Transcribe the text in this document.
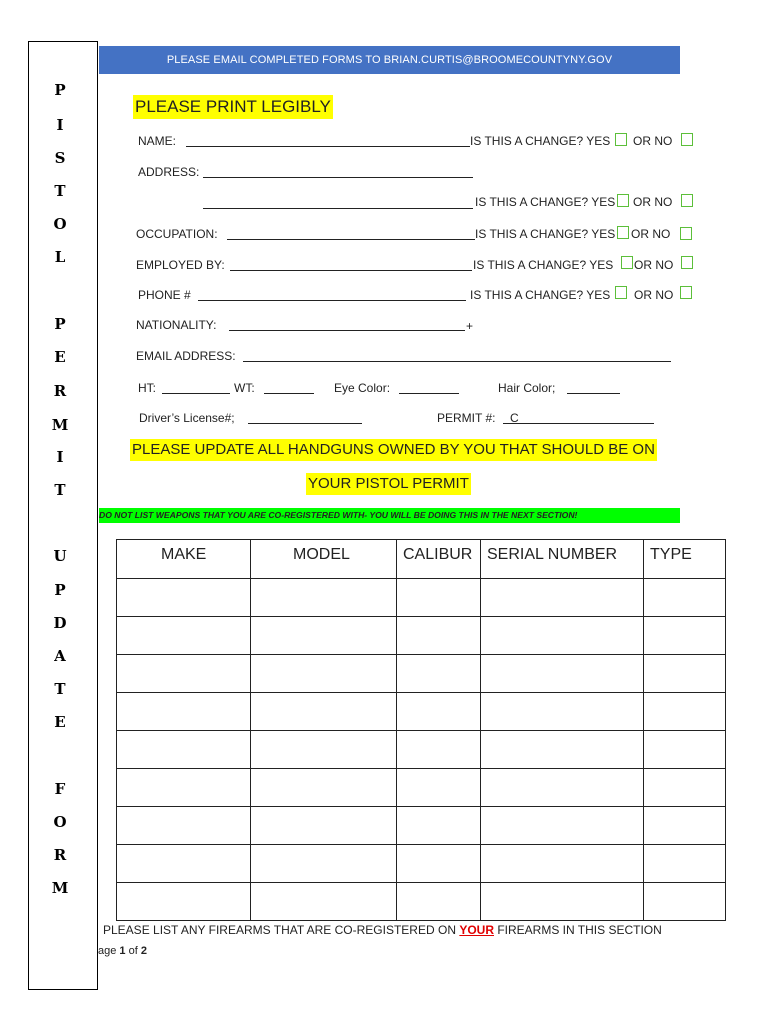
P
I
S
T
O
L
P
E
R
M
I
T
U
P
D
A
T
E
F
O
R
M
PLEASE EMAIL COMPLETED FORMS TO BRIAN.CURTIS@BROOMECOUNTYNY.GOV
PLEASE PRINT LEGIBLY
NAME:	IS THIS A CHANGE? YES OR NO
ADDRESS:
IS THIS A CHANGE? YES OR NO
OCCUPATION:	IS THIS A CHANGE? YES OR NO
EMPLOYED BY:	IS THIS A CHANGE? YES OR NO
PHONE #	IS THIS A CHANGE? YES OR NO
NATIONALITY:	+
EMAIL ADDRESS:
HT:	WT:	Eye Color:	Hair Color;
Driver’s License#;	PERMIT #: C
PLEASE UPDATE ALL HANDGUNS OWNED BY YOU THAT SHOULD BE ON
YOUR PISTOL PERMIT
DO NOT LIST WEAPONS THAT YOU ARE CO-REGISTERED WITH- YOU WILL BE DOING THIS IN THE NEXT SECTION!
MAKE	MODEL	CALIBUR	SERIAL NUMBER	TYPE

PLEASE LIST ANY FIREARMS THAT ARE CO-REGISTERED ON YOUR FIREARMS IN THIS SECTION
age 1 of 2
